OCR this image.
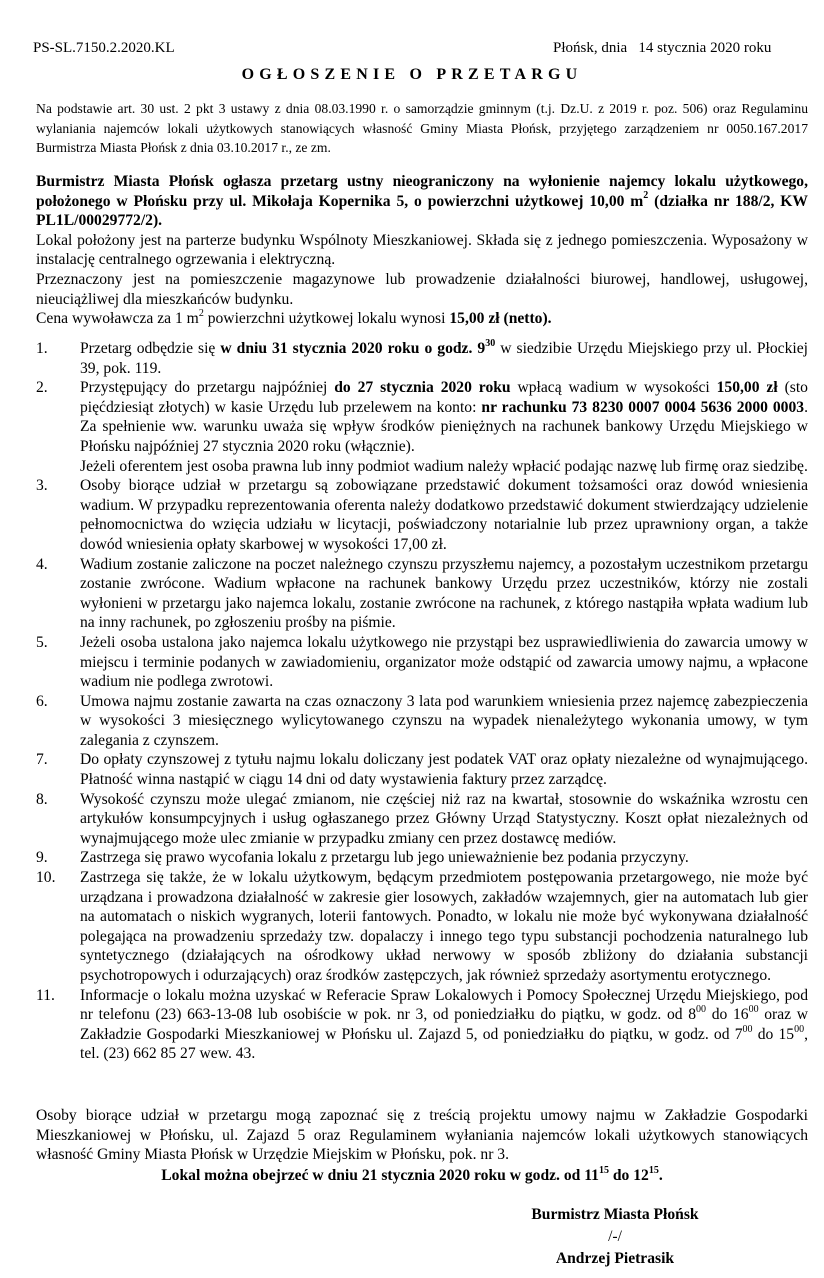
PS-SL.7150.2.2020.KL	Płońsk, dnia   14 stycznia 2020 roku
OGŁOSZENIE O PRZETARGU
Na podstawie art. 30 ust. 2 pkt 3 ustawy z dnia 08.03.1990 r. o samorządzie gminnym (t.j. Dz.U. z 2019 r. poz. 506) oraz Regulaminu wylaniania najemców lokali użytkowych stanowiących własność Gminy Miasta Płońsk, przyjętego zarządzeniem nr 0050.167.2017 Burmistrza Miasta Płońsk z dnia 03.10.2017 r., ze zm.

Burmistrz Miasta Płońsk ogłasza przetarg ustny nieograniczony na wyłonienie najemcy lokalu użytkowego, położonego w Płońsku przy ul. Mikołaja Kopernika 5, o powierzchni użytkowej 10,00 $m^2$ (działka nr 188/2, KW PL1L/00029772/2).

Lokal położony jest na parterze budynku Wspólnoty Mieszkaniowej. Składa się z jednego pomieszczenia. Wyposażony w instalację centralnego ogrzewania i elektryczną.

Przeznaczony jest na pomieszczenie magazynowe lub prowadzenie działalności biurowej, handlowej, usługowej, nieuciążliwej dla mieszkańców budynku.

Cena wywoławcza za 1 $m^2$ powierzchni użytkowej lokalu wynosi 15,00 zł (netto).

1. Przetarg odbędzie się w dniu 31 stycznia 2020 roku o godz. $9^{30}$ w siedzibie Urzędu Miejskiego przy ul. Płockiej 39, pok. 119.
2. Przystępujący do przetargu najpóźniej do 27 stycznia 2020 roku wpłacą wadium w wysokości 150,00 zł (sto pięćdziesiąt złotych) w kasie Urzędu lub przelewem na konto: nr rachunku 73 8230 0007 0004 5636 2000 0003. Za spełnienie ww. warunku uważa się wpływ środków pieniężnych na rachunek bankowy Urzędu Miejskiego w Płońsku najpóźniej 27 stycznia 2020 roku (włącznie).
Jeżeli oferentem jest osoba prawna lub inny podmiot wadium należy wpłacić podając nazwę lub firmę oraz siedzibę.
3. Osoby biorące udział w przetargu są zobowiązane przedstawić dokument tożsamości oraz dowód wniesienia wadium. W przypadku reprezentowania oferenta należy dodatkowo przedstawić dokument stwierdzający udzielenie pełnomocnictwa do wzięcia udziału w licytacji, poświadczony notarialnie lub przez uprawniony organ, a także dowód wniesienia opłaty skarbowej w wysokości 17,00 zł.
4. Wadium zostanie zaliczone na poczet należnego czynszu przyszłemu najemcy, a pozostałym uczestnikom przetargu zostanie zwrócone. Wadium wpłacone na rachunek bankowy Urzędu przez uczestników, którzy nie zostali wyłonieni w przetargu jako najemca lokalu, zostanie zwrócone na rachunek, z którego nastąpiła wpłata wadium lub na inny rachunek, po zgłoszeniu prośby na piśmie.
5. Jeżeli osoba ustalona jako najemca lokalu użytkowego nie przystąpi bez usprawiedliwienia do zawarcia umowy w miejscu i terminie podanych w zawiadomieniu, organizator może odstąpić od zawarcia umowy najmu, a wpłacone wadium nie podlega zwrotowi.
6. Umowa najmu zostanie zawarta na czas oznaczony 3 lata pod warunkiem wniesienia przez najemcę zabezpieczenia w wysokości 3 miesięcznego wylicytowanego czynszu na wypadek nienależytego wykonania umowy, w tym zalegania z czynszem.
7. Do opłaty czynszowej z tytułu najmu lokalu doliczany jest podatek VAT oraz opłaty niezależne od wynajmującego. Płatność winna nastąpić w ciągu 14 dni od daty wystawienia faktury przez zarządcę.
8. Wysokość czynszu może ulegać zmianom, nie częściej niż raz na kwartał, stosownie do wskaźnika wzrostu cen artykułów konsumpcyjnych i usług ogłaszanego przez Główny Urząd Statystyczny. Koszt opłat niezależnych od wynajmującego może ulec zmianie w przypadku zmiany cen przez dostawcę mediów.
9. Zastrzega się prawo wycofania lokalu z przetargu lub jego unieważnienie bez podania przyczyny.
10. Zastrzega się także, że w lokalu użytkowym, będącym przedmiotem postępowania przetargowego, nie może być urządzana i prowadzona działalność w zakresie gier losowych, zakładów wzajemnych, gier na automatach lub gier na automatach o niskich wygranych, loterii fantowych. Ponadto, w lokalu nie może być wykonywana działalność polegająca na prowadzeniu sprzedaży tzw. dopalaczy i innego tego typu substancji pochodzenia naturalnego lub syntetycznego (działających na ośrodkowy układ nerwowy w sposób zbliżony do działania substancji psychotropowych i odurzających) oraz środków zastępczych, jak również sprzedaży asortymentu erotycznego.
11. Informacje o lokalu można uzyskać w Referacie Spraw Lokalowych i Pomocy Społecznej Urzędu Miejskiego, pod nr telefonu (23) 663-13-08 lub osobiście w pok. nr 3, od poniedziałku do piątku, w godz. od $8^{00}$ do $16^{00}$ oraz w Zakładzie Gospodarki Mieszkaniowej w Płońsku ul. Zajazd 5, od poniedziałku do piątku, w godz. od $7^{00}$ do $15^{00}$, tel. (23) 662 85 27 wew. 43.

Osoby biorące udział w przetargu mogą zapoznać się z treścią projektu umowy najmu w Zakładzie Gospodarki Mieszkaniowej w Płońsku, ul. Zajazd 5 oraz Regulaminem wyłaniania najemców lokali użytkowych stanowiących własność Gminy Miasta Płońsk w Urzędzie Miejskim w Płońsku, pok. nr 3.

Lokal można obejrzeć w dniu 21 stycznia 2020 roku w godz. od $11^{15}$ do $12^{15}$.
Burmistrz Miasta Płońsk
/-/
Andrzej Pietrasik
